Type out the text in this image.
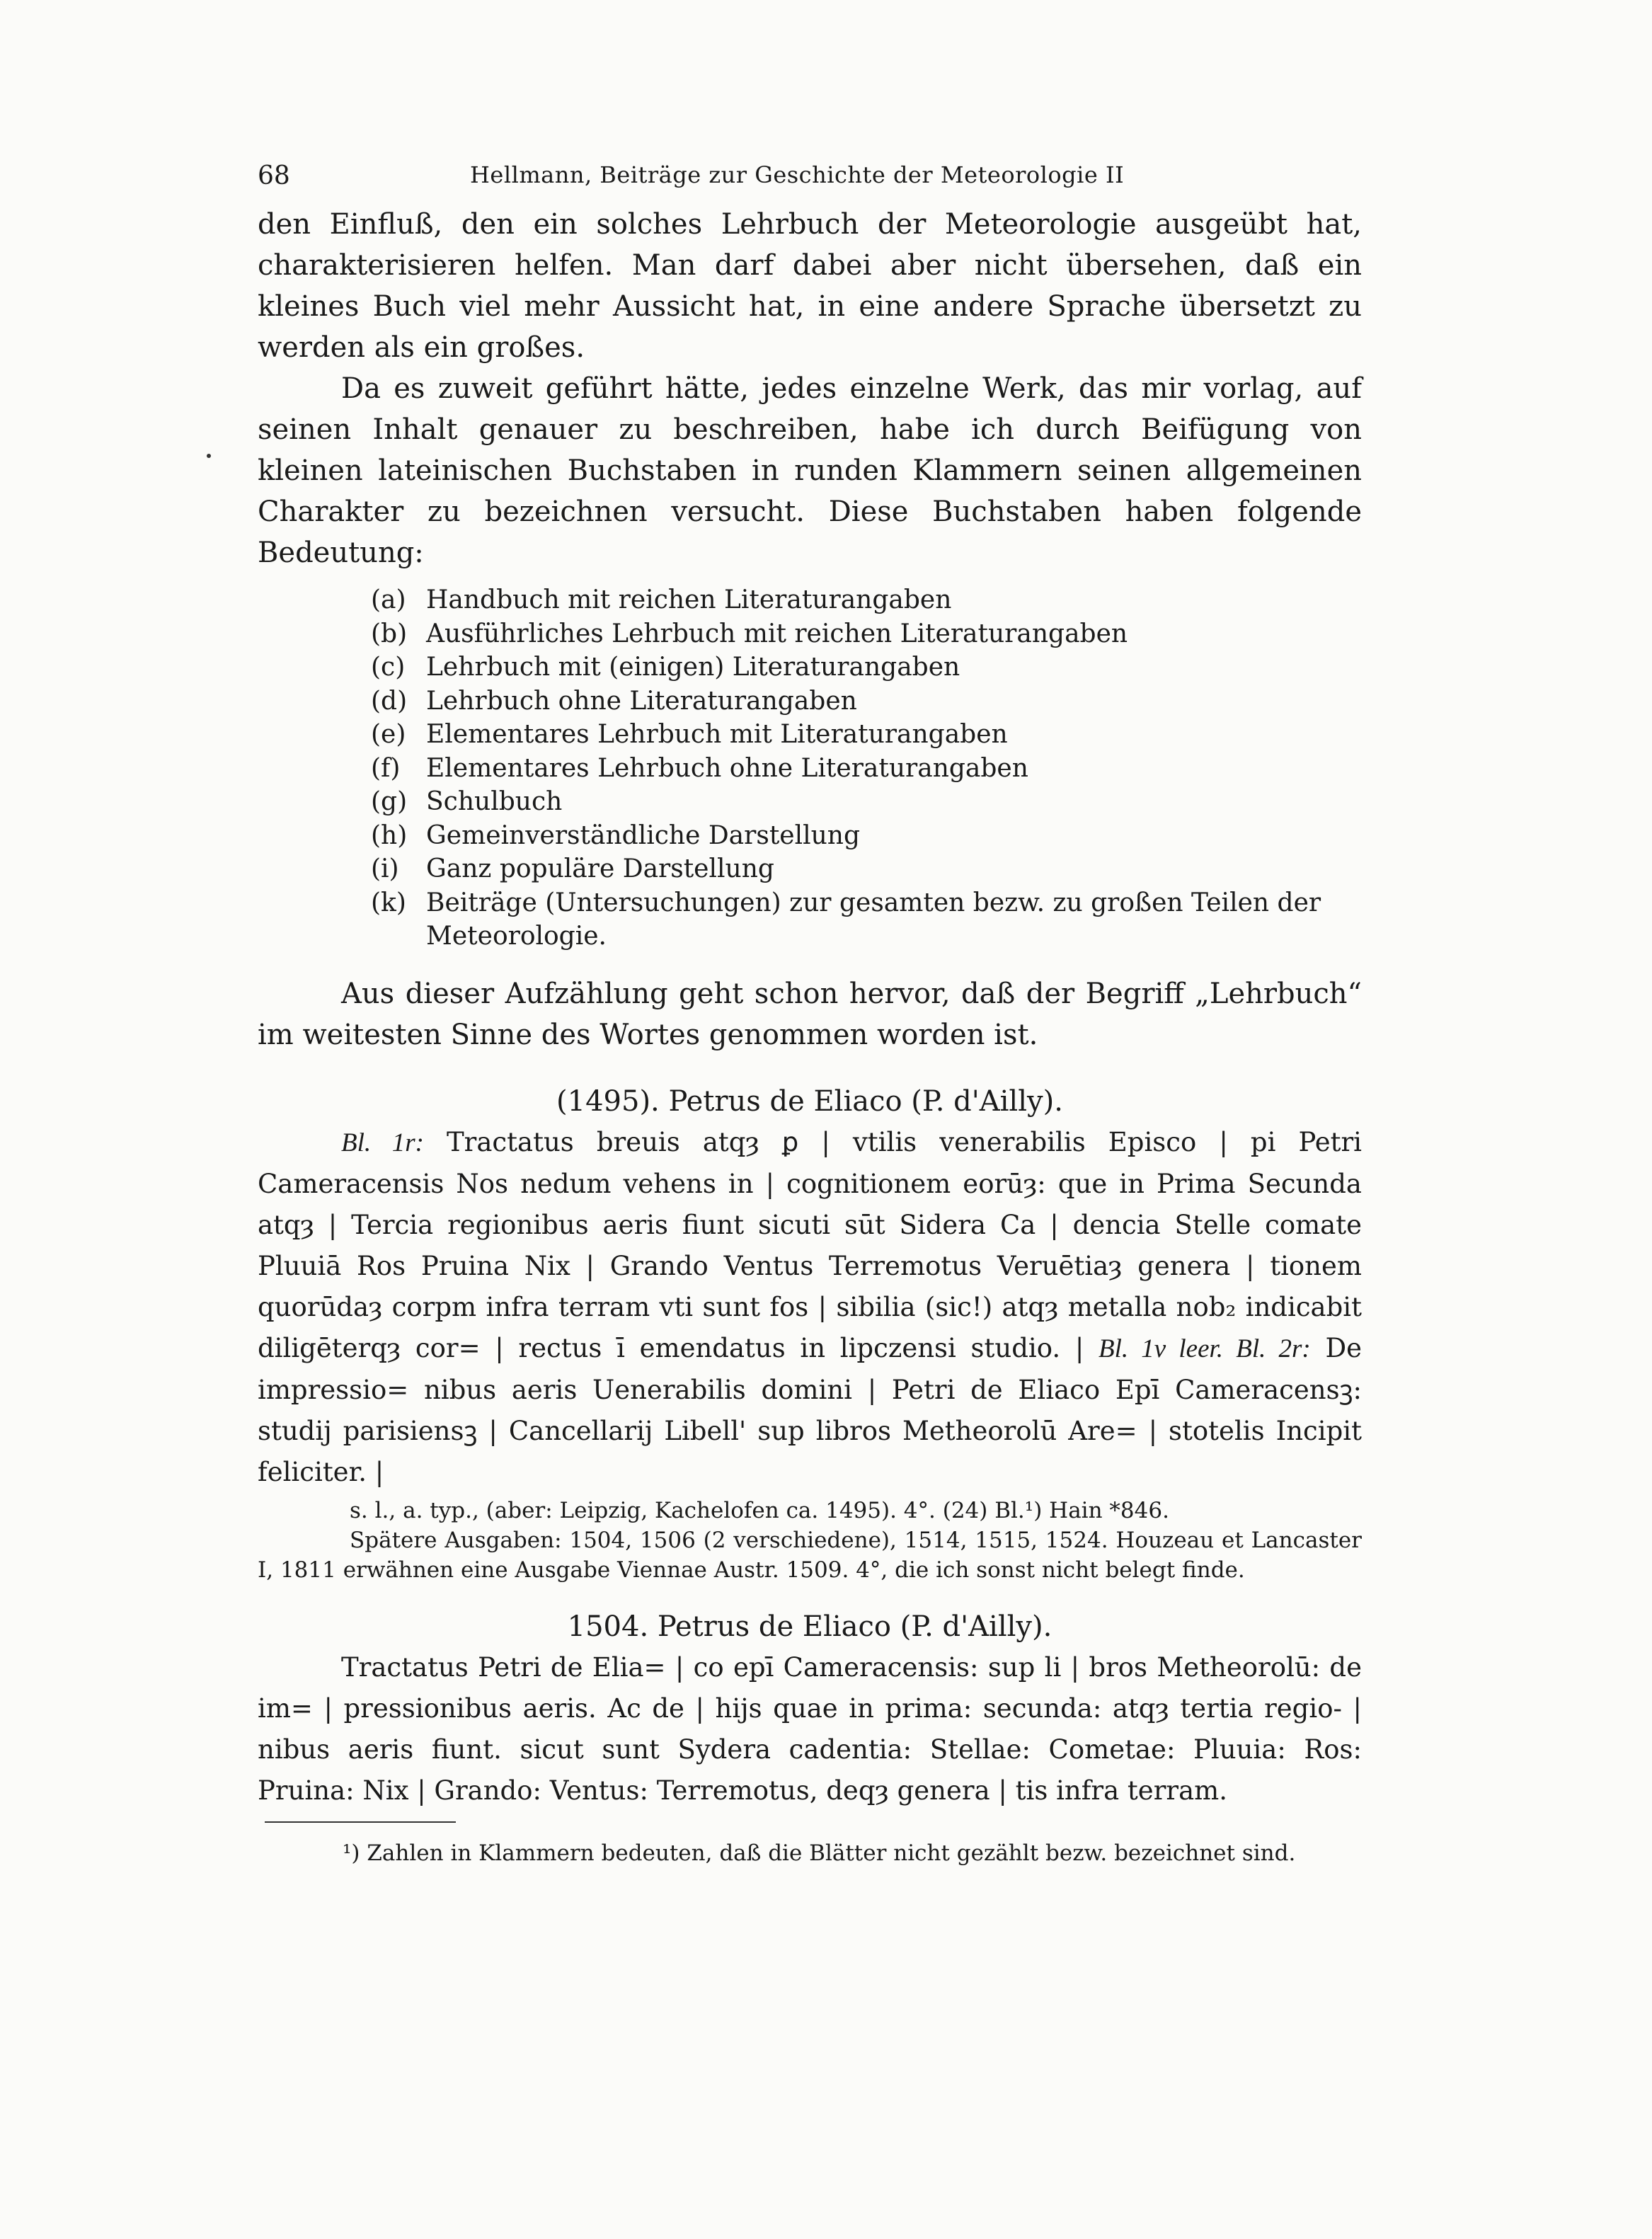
68	Hellmann, Beiträge zur Geschichte der Meteorologie II

den Einfluß, den ein solches Lehrbuch der Meteorologie ausgeübt hat, charakterisieren helfen. Man darf dabei aber nicht übersehen, daß ein kleines Buch viel mehr Aussicht hat, in eine andere Sprache übersetzt zu werden als ein großes.

Da es zuweit geführt hätte, jedes einzelne Werk, das mir vorlag, auf seinen Inhalt genauer zu beschreiben, habe ich durch Beifügung von kleinen lateinischen Buchstaben in runden Klammern seinen allgemeinen Charakter zu bezeichnen versucht. Diese Buchstaben haben folgende Bedeutung:

(a) Handbuch mit reichen Literaturangaben
(b) Ausführliches Lehrbuch mit reichen Literaturangaben
(c) Lehrbuch mit (einigen) Literaturangaben
(d) Lehrbuch ohne Literaturangaben
(e) Elementares Lehrbuch mit Literaturangaben
(f)	Elementares Lehrbuch ohne Literaturangaben
(g) Schulbuch
(h) Gemeinverständliche Darstellung
(i)	Ganz populäre Darstellung
(k) Beiträge (Untersuchungen) zur gesamten bezw. zu großen Teilen der Meteorologie.

Aus dieser Aufzählung geht schon hervor, daß der Begriff „Lehrbuch“ im weitesten Sinne des Wortes genommen worden ist.

(1495). Petrus de Eliaco (P. d'Ailly).

Bl. 1r: Tractatus breuis atqȝ ꝑ | vtilis venerabilis Episco | pi Petri Cameracensis Nos nedum vehens in | cognitionem eorūȝ: que in Prima Secunda atqȝ | Tercia regionibus aeris fiunt sicuti sūt Sidera Ca | dencia Stelle comate Pluuiā Ros Pruina Nix | Grando Ventus Terremotus Veruētiaȝ genera | tionem quorūdaȝ corpm infra terram vti sunt fos | sibilia (sic!) atqȝ metalla nob₂ indicabit diligēterqȝ cor= | rectus ī emendatus in lipczensi studio. | Bl. 1v leer. Bl. 2r: De impressio= nibus aeris Uenerabilis domini | Petri de Eliaco Epī Cameracensꝫ: studij parisiensꝫ | Cancellarij Libell' sup libros Metheorolū Are= | stotelis Incipit feliciter. |

s. l., a. typ., (aber: Leipzig, Kachelofen ca. 1495). 4°. (24) Bl.¹) Hain *846.

Spätere Ausgaben: 1504, 1506 (2 verschiedene), 1514, 1515, 1524. Houzeau et Lancaster I, 1811 erwähnen eine Ausgabe Viennae Austr. 1509. 4°, die ich sonst nicht belegt finde.

1504. Petrus de Eliaco (P. d'Ailly).

Tractatus Petri de Elia= | co epī Cameracensis: sup li | bros Metheorolū: de im= | pressionibus aeris. Ac de | hijs quae in prima: secunda: atqȝ tertia regio- | nibus aeris fiunt. sicut sunt Sydera cadentia: Stellae: Cometae: Pluuia: Ros: Pruina: Nix | Grando: Ventus: Terremotus, deqȝ genera | tis infra terram.

¹) Zahlen in Klammern bedeuten, daß die Blätter nicht gezählt bezw. bezeichnet sind.
